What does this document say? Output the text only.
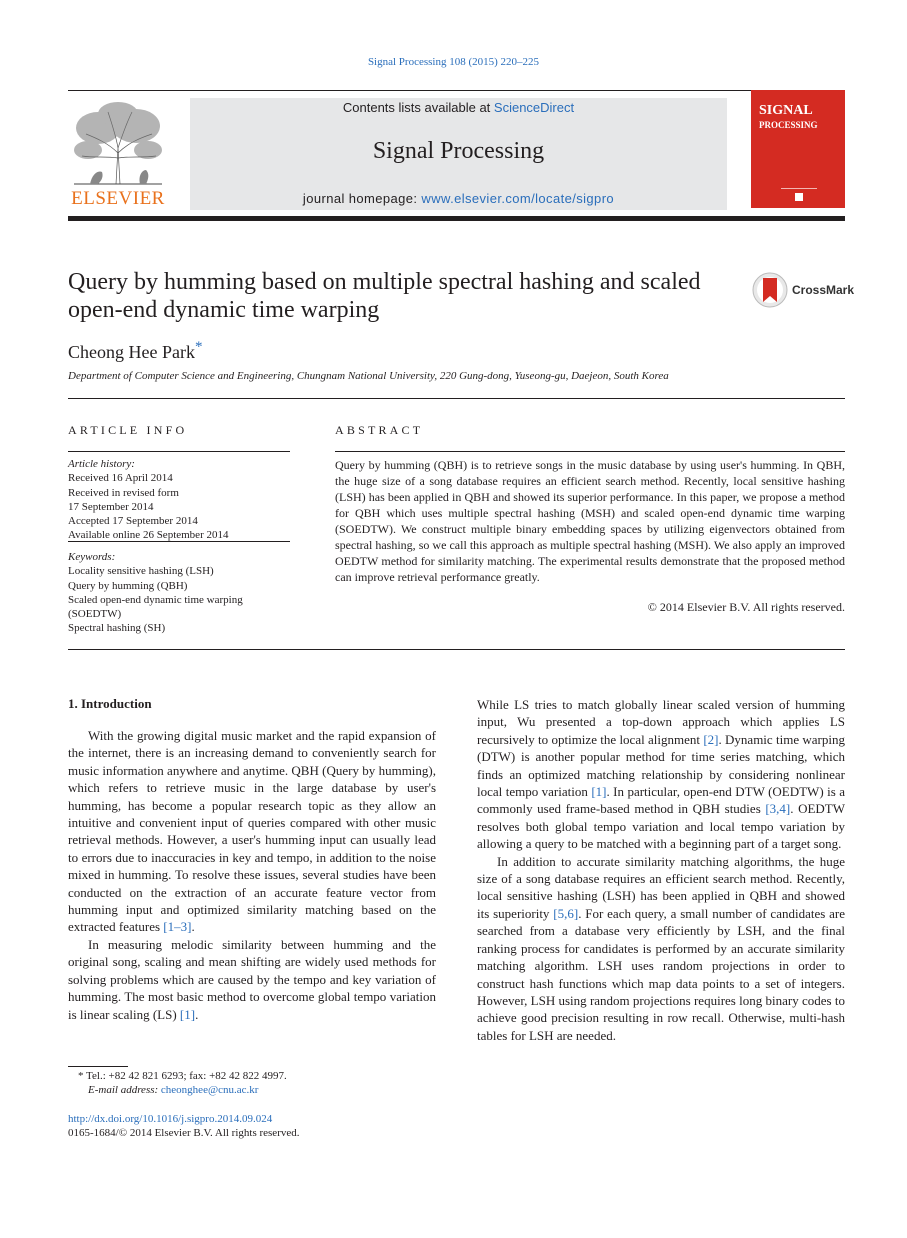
Signal Processing 108 (2015) 220–225
ELSEVIER
Contents lists available at ScienceDirect
Signal Processing
journal homepage: www.elsevier.com/locate/sigpro
SIGNAL
PROCESSING
Query by humming based on multiple spectral hashing and scaled open-end dynamic time warping
CrossMark
Cheong Hee Park*
Department of Computer Science and Engineering, Chungnam National University, 220 Gung-dong, Yuseong-gu, Daejeon, South Korea
ARTICLE INFO
Article history:
Received 16 April 2014
Received in revised form
17 September 2014
Accepted 17 September 2014
Available online 26 September 2014
Keywords:
Locality sensitive hashing (LSH)
Query by humming (QBH)
Scaled open-end dynamic time warping
(SOEDTW)
Spectral hashing (SH)
ABSTRACT
Query by humming (QBH) is to retrieve songs in the music database by using user's humming. In QBH, the huge size of a song database requires an efficient search method. Recently, local sensitive hashing (LSH) has been applied in QBH and showed its superior performance. In this paper, we propose a method for QBH which uses multiple spectral hashing (MSH) and scaled open-end dynamic time warping (SOEDTW). We construct multiple binary embedding spaces by utilizing eigenvectors obtained from spectral hashing, so we call this approach as multiple spectral hashing (MSH). We also apply an improved OEDTW method for similarity matching. The experimental results demonstrate that the proposed method can improve retrieval performance greatly.
© 2014 Elsevier B.V. All rights reserved.
1. Introduction

With the growing digital music market and the rapid expansion of the internet, there is an increasing demand to conveniently search for music information anywhere and anytime. QBH (Query by humming), which refers to retrieve music in the large database by user's humming, has become a popular research topic as they allow an intuitive and convenient input of queries compared with other music retrieval methods. However, a user's humming input can usually lead to errors due to inaccuracies in key and tempo, in addition to the noise mixed in humming. To resolve these issues, several studies have been conducted on the extraction of an accurate feature vector from humming input and optimized similarity matching based on the extracted features [1–3].

In measuring melodic similarity between humming and the original song, scaling and mean shifting are widely used methods for solving problems which are caused by the tempo and key variation of humming. The most basic method to overcome global tempo variation is linear scaling (LS) [1].

While LS tries to match globally linear scaled version of humming input, Wu presented a top-down approach which applies LS recursively to optimize the local alignment [2]. Dynamic time warping (DTW) is another popular method for time series matching, which finds an optimized matching relationship by considering nonlinear local tempo variation [1]. In particular, open-end DTW (OEDTW) is a commonly used frame-based method in QBH studies [3,4]. OEDTW resolves both global tempo variation and local tempo variation by allowing a query to be matched with a beginning part of a target song.

In addition to accurate similarity matching algorithms, the huge size of a song database requires an efficient search method. Recently, local sensitive hashing (LSH) has been applied in QBH and showed its superiority [5,6]. For each query, a small number of candidates are searched from a database very efficiently by LSH, and the final ranking process for candidates is performed by an accurate similarity matching algorithm. LSH uses random projections in order to construct hash functions which map data points to a set of integers. However, LSH using random projections requires long binary codes to achieve good precision resulting in row recall. Otherwise, multi-hash tables for LSH are needed.

* Tel.: +82 42 821 6293; fax: +82 42 822 4997.
E-mail address: cheonghee@cnu.ac.kr
http://dx.doi.org/10.1016/j.sigpro.2014.09.024
0165-1684/© 2014 Elsevier B.V. All rights reserved.
